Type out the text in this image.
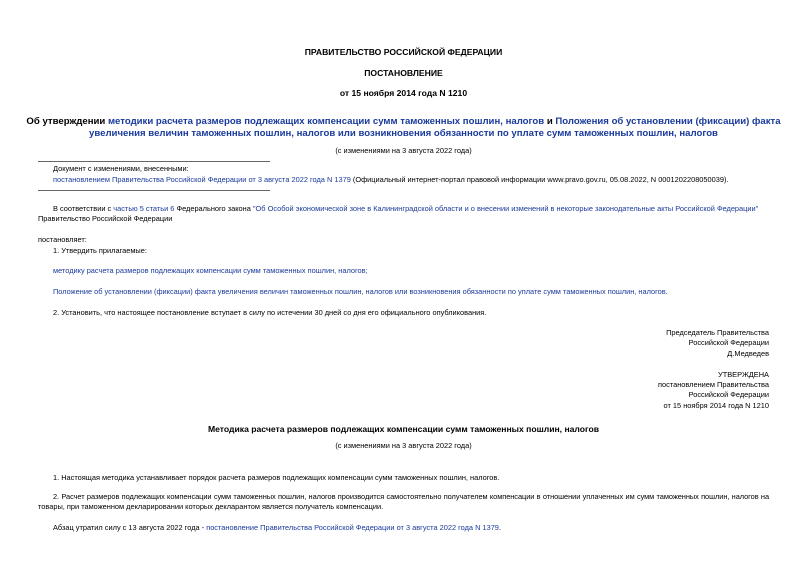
ПРАВИТЕЛЬСТВО РОССИЙСКОЙ ФЕДЕРАЦИИ
ПОСТАНОВЛЕНИЕ
от 15 ноября 2014 года N 1210
Об утверждении методики расчета размеров подлежащих компенсации сумм таможенных пошлин, налогов и Положения об установлении (фиксации) факта
увеличения величин таможенных пошлин, налогов или возникновения обязанности по уплате сумм таможенных пошлин, налогов
(с изменениями на 3 августа 2022 года)
Документ с изменениями, внесенными:
постановлением Правительства Российской Федерации от 3 августа 2022 года N 1379 (Официальный интернет-портал правовой информации www.pravo.gov.ru, 05.08.2022, N 0001202208050039).
В соответствии с частью 5 статьи 6 Федерального закона "Об Особой экономической зоне в Калининградской области и о внесении изменений в некоторые законодательные акты Российской Федерации"
Правительство Российской Федерации
постановляет:
1. Утвердить прилагаемые:
методику расчета размеров подлежащих компенсации сумм таможенных пошлин, налогов;
Положение об установлении (фиксации) факта увеличения величин таможенных пошлин, налогов или возникновения обязанности по уплате сумм таможенных пошлин, налогов.
2. Установить, что настоящее постановление вступает в силу по истечении 30 дней со дня его официального опубликования.
Председатель Правительства
Российской Федерации
Д.Медведев
УТВЕРЖДЕНА
постановлением Правительства
Российской Федерации
от 15 ноября 2014 года N 1210
Методика расчета размеров подлежащих компенсации сумм таможенных пошлин, налогов
(с изменениями на 3 августа 2022 года)
1. Настоящая методика устанавливает порядок расчета размеров подлежащих компенсации сумм таможенных пошлин, налогов.
2. Расчет размеров подлежащих компенсации сумм таможенных пошлин, налогов производится самостоятельно получателем компенсации в отношении уплаченных им сумм таможенных пошлин, налогов на
товары, при таможенном декларировании которых декларантом является получатель компенсации.
Абзац утратил силу с 13 августа 2022 года - постановление Правительства Российской Федерации от 3 августа 2022 года N 1379.
